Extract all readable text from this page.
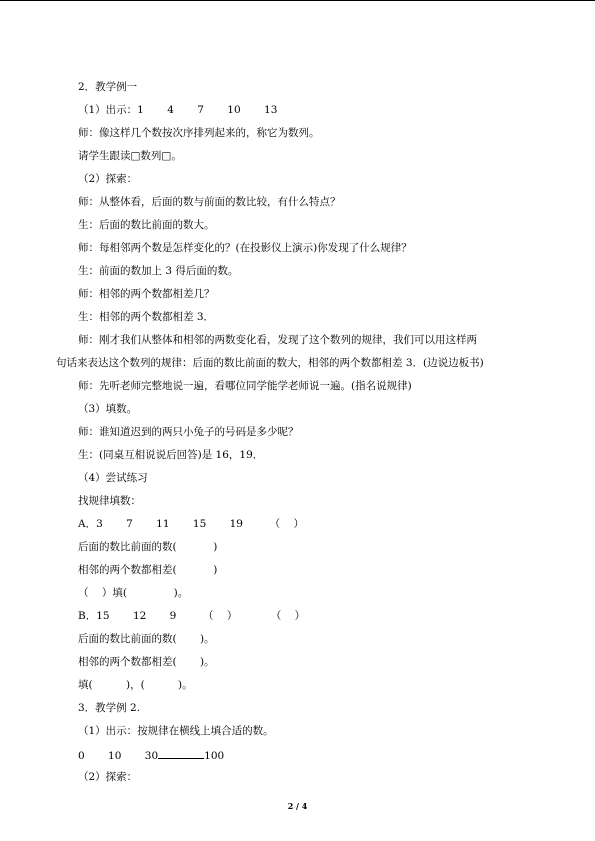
2．教学例一
（1）出示：1       4       7       10       13
师：像这样几个数按次序排列起来的，称它为数列。
请学生跟读□数列□。
（2）探索：
师：从整体看，后面的数与前面的数比较，有什么特点？
生：后面的数比前面的数大。
师：每相邻两个数是怎样变化的？(在投影仪上演示)你发现了什么规律？
生：前面的数加上 3 得后面的数。
师：相邻的两个数都相差几？
生：相邻的两个数都相差 3．
师：刚才我们从整体和相邻的两数变化看，发现了这个数列的规律，我们可以用这样两
句话来表达这个数列的规律：后面的数比前面的数大，相邻的两个数都相差 3．(边说边板书)
师：先听老师完整地说一遍，看哪位同学能学老师说一遍。(指名说规律)
（3）填数。
师：谁知道迟到的两只小兔子的号码是多少呢？
生：(同桌互相说说后回答)是 16，19．
（4）尝试练习
找规律填数：
A．3       7       11       15       19        （    ）
后面的数比前面的数(           )
相邻的两个数都相差(           )
（    ）填(              )。
B．15       12       9        （    ）          （    ）
后面的数比前面的数(       )。
相邻的两个数都相差(       )。
填(          )，(          )。
3．教学例 2.
（1）出示：按规律在横线上填合适的数。
0       10       30	100
（2）探索：
2 / 4
